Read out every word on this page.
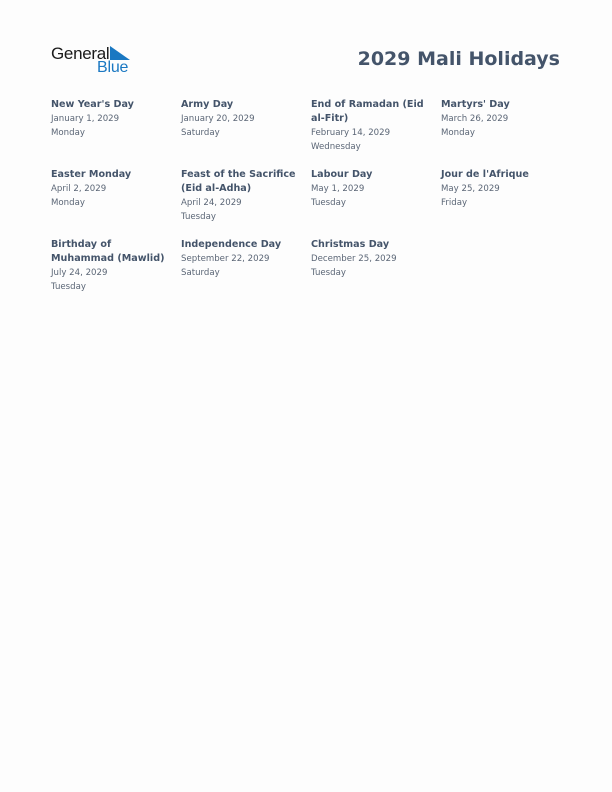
General
Blue	2029 Mali Holidays
New Year's Day
January 1, 2029
Monday
Army Day
January 20, 2029
Saturday
End of Ramadan (Eid al-Fitr)
February 14, 2029
Wednesday
Martyrs' Day
March 26, 2029
Monday
Easter Monday
April 2, 2029
Monday
Feast of the Sacrifice (Eid al-Adha)
April 24, 2029
Tuesday
Labour Day
May 1, 2029
Tuesday
Jour de l'Afrique
May 25, 2029
Friday
Birthday of Muhammad (Mawlid)
July 24, 2029
Tuesday
Independence Day
September 22, 2029
Saturday
Christmas Day
December 25, 2029
Tuesday
